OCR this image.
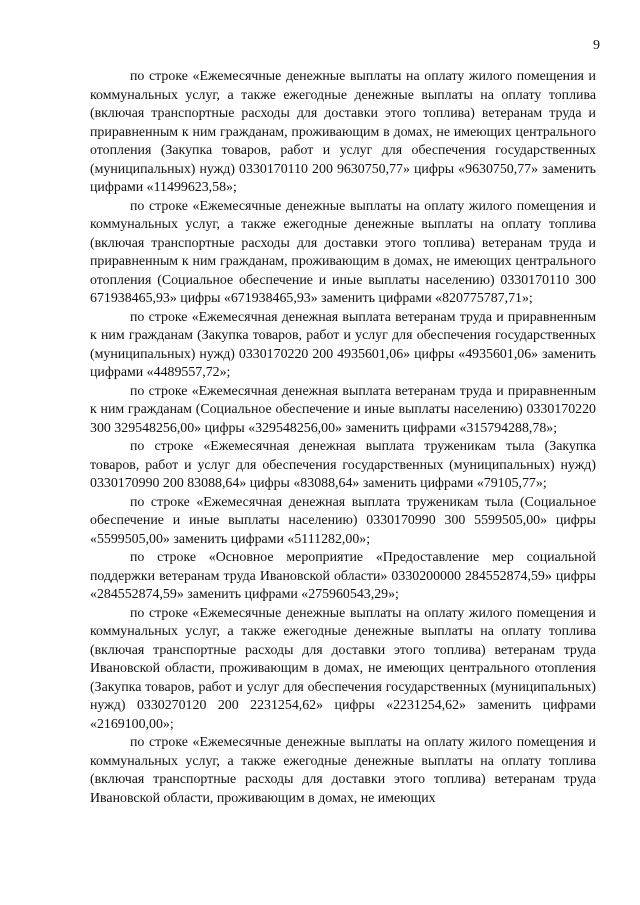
9

по строке «Ежемесячные денежные выплаты на оплату жилого помещения и коммунальных услуг, а также ежегодные денежные выплаты на оплату топлива (включая транспортные расходы для доставки этого топлива) ветеранам труда и приравненным к ним гражданам, проживающим в домах, не имеющих центрального отопления (Закупка товаров, работ и услуг для обеспечения государственных (муниципальных) нужд) 0330170110 200 9630750,77» цифры «9630750,77» заменить цифрами «11499623,58»;

по строке «Ежемесячные денежные выплаты на оплату жилого помещения и коммунальных услуг, а также ежегодные денежные выплаты на оплату топлива (включая транспортные расходы для доставки этого топлива) ветеранам труда и приравненным к ним гражданам, проживающим в домах, не имеющих центрального отопления (Социальное обеспечение и иные выплаты населению) 0330170110 300 671938465,93» цифры «671938465,93» заменить цифрами «820775787,71»;

по строке «Ежемесячная денежная выплата ветеранам труда и приравненным к ним гражданам (Закупка товаров, работ и услуг для обеспечения государственных (муниципальных) нужд) 0330170220 200 4935601,06» цифры «4935601,06» заменить цифрами «4489557,72»;

по строке «Ежемесячная денежная выплата ветеранам труда и приравненным к ним гражданам (Социальное обеспечение и иные выплаты населению) 0330170220 300 329548256,00» цифры «329548256,00» заменить цифрами «315794288,78»;

по строке «Ежемесячная денежная выплата труженикам тыла (Закупка товаров, работ и услуг для обеспечения государственных (муниципальных) нужд) 0330170990 200 83088,64» цифры «83088,64» заменить цифрами «79105,77»;

по строке «Ежемесячная денежная выплата труженикам тыла (Социальное обеспечение и иные выплаты населению) 0330170990 300 5599505,00» цифры «5599505,00» заменить цифрами «5111282,00»;

по строке «Основное мероприятие «Предоставление мер социальной поддержки ветеранам труда Ивановской области» 0330200000 284552874,59» цифры «284552874,59» заменить цифрами «275960543,29»;

по строке «Ежемесячные денежные выплаты на оплату жилого помещения и коммунальных услуг, а также ежегодные денежные выплаты на оплату топлива (включая транспортные расходы для доставки этого топлива) ветеранам труда Ивановской области, проживающим в домах, не имеющих центрального отопления (Закупка товаров, работ и услуг для обеспечения государственных (муниципальных) нужд) 0330270120 200 2231254,62» цифры «2231254,62» заменить цифрами «2169100,00»;

по строке «Ежемесячные денежные выплаты на оплату жилого помещения и коммунальных услуг, а также ежегодные денежные выплаты на оплату топлива (включая транспортные расходы для доставки этого топлива) ветеранам труда Ивановской области, проживающим в домах, не имеющих
